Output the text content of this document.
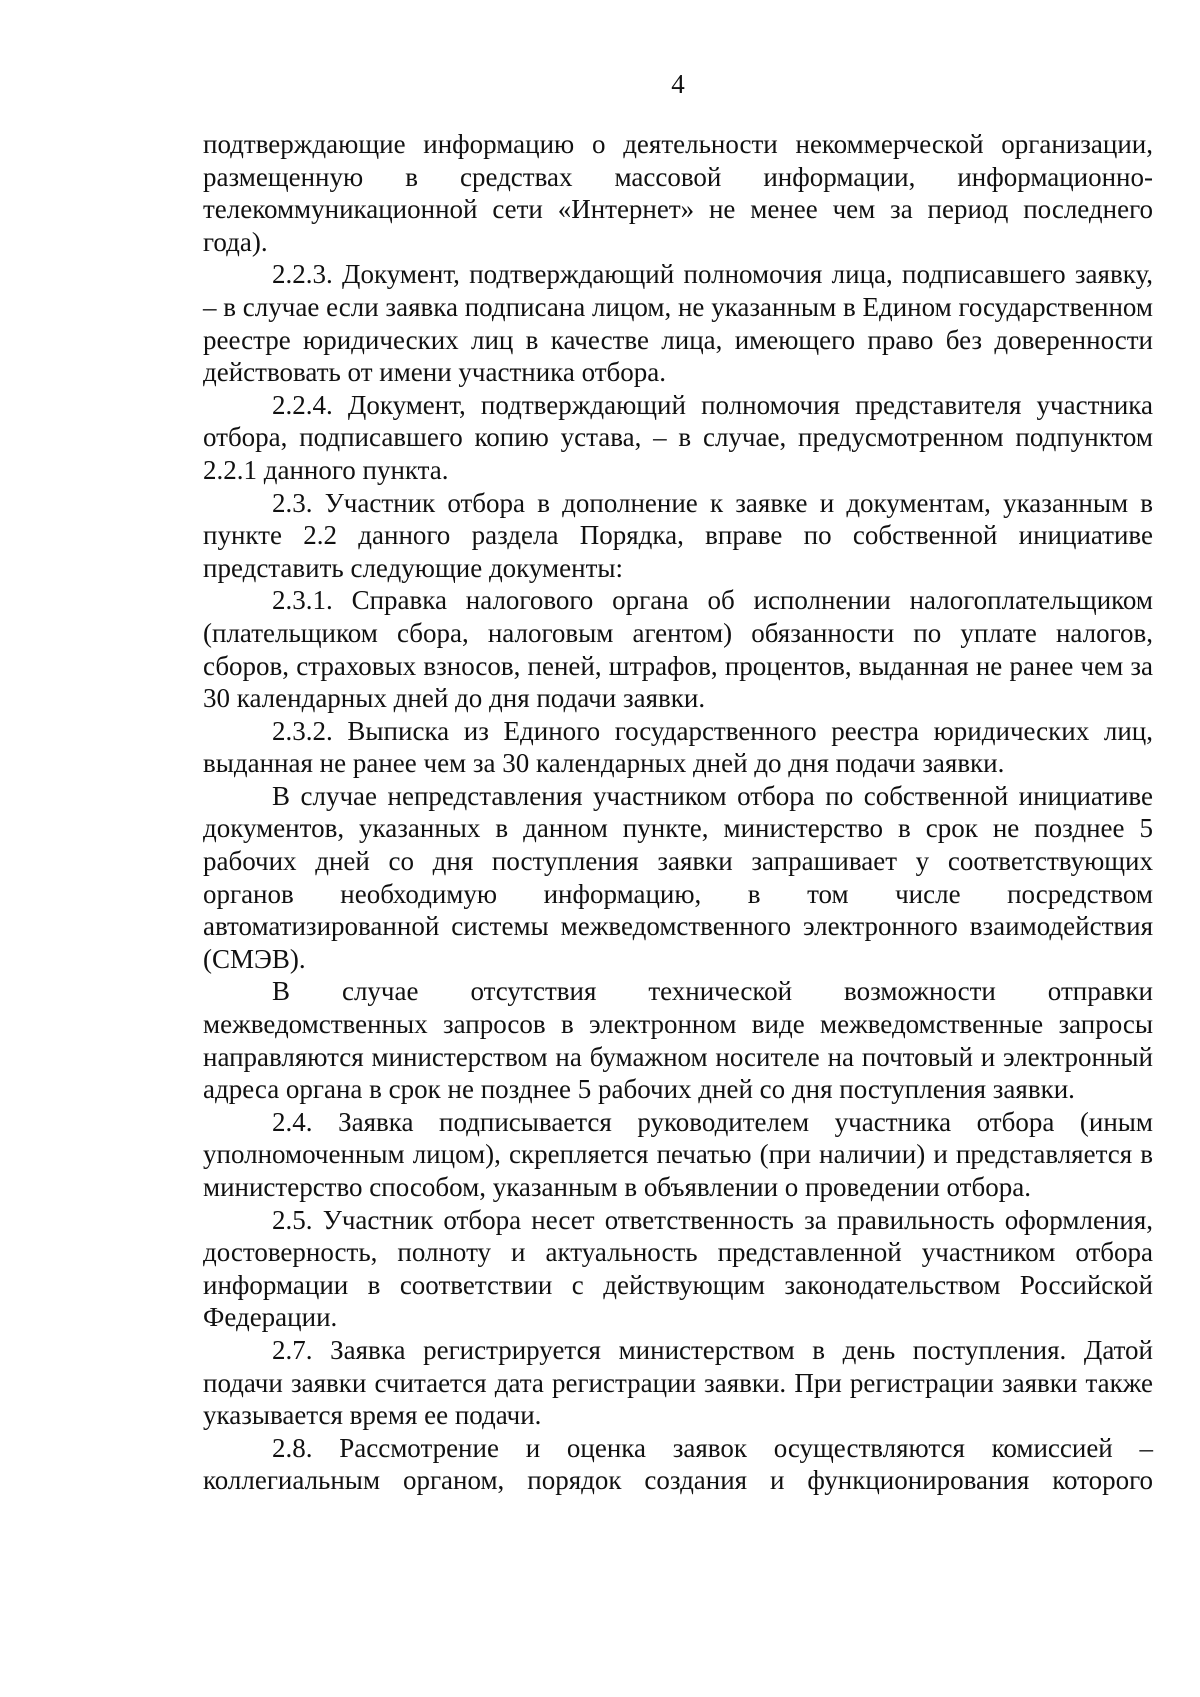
4

подтверждающие информацию о деятельности некоммерческой организации, размещенную в средствах массовой информации, информационно-телекоммуникационной сети «Интернет» не менее чем за период последнего года).

2.2.3. Документ, подтверждающий полномочия лица, подписавшего заявку, – в случае если заявка подписана лицом, не указанным в Едином государственном реестре юридических лиц в качестве лица, имеющего право без доверенности действовать от имени участника отбора.

2.2.4. Документ, подтверждающий полномочия представителя участника отбора, подписавшего копию устава, – в случае, предусмотренном подпунктом 2.2.1 данного пункта.

2.3. Участник отбора в дополнение к заявке и документам, указанным в пункте 2.2 данного раздела Порядка, вправе по собственной инициативе представить следующие документы:

2.3.1. Справка налогового органа об исполнении налогоплательщиком (плательщиком сбора, налоговым агентом) обязанности по уплате налогов, сборов, страховых взносов, пеней, штрафов, процентов, выданная не ранее чем за 30 календарных дней до дня подачи заявки.

2.3.2. Выписка из Единого государственного реестра юридических лиц, выданная не ранее чем за 30 календарных дней до дня подачи заявки.

В случае непредставления участником отбора по собственной инициативе документов, указанных в данном пункте, министерство в срок не позднее 5 рабочих дней со дня поступления заявки запрашивает у соответствующих органов необходимую информацию, в том числе посредством автоматизированной системы межведомственного электронного взаимодействия (СМЭВ).

В случае отсутствия технической возможности отправки межведомственных запросов в электронном виде межведомственные запросы направляются министерством на бумажном носителе на почтовый и электронный адреса органа в срок не позднее 5 рабочих дней со дня поступления заявки.

2.4. Заявка подписывается руководителем участника отбора (иным уполномоченным лицом), скрепляется печатью (при наличии) и представляется в министерство способом, указанным в объявлении о проведении отбора.

2.5. Участник отбора несет ответственность за правильность оформления, достоверность, полноту и актуальность представленной участником отбора информации в соответствии с действующим законодательством Российской Федерации.

2.7. Заявка регистрируется министерством в день поступления. Датой подачи заявки считается дата регистрации заявки. При регистрации заявки также указывается время ее подачи.

2.8. Рассмотрение и оценка заявок осуществляются комиссией – коллегиальным органом, порядок создания и функционирования которого
